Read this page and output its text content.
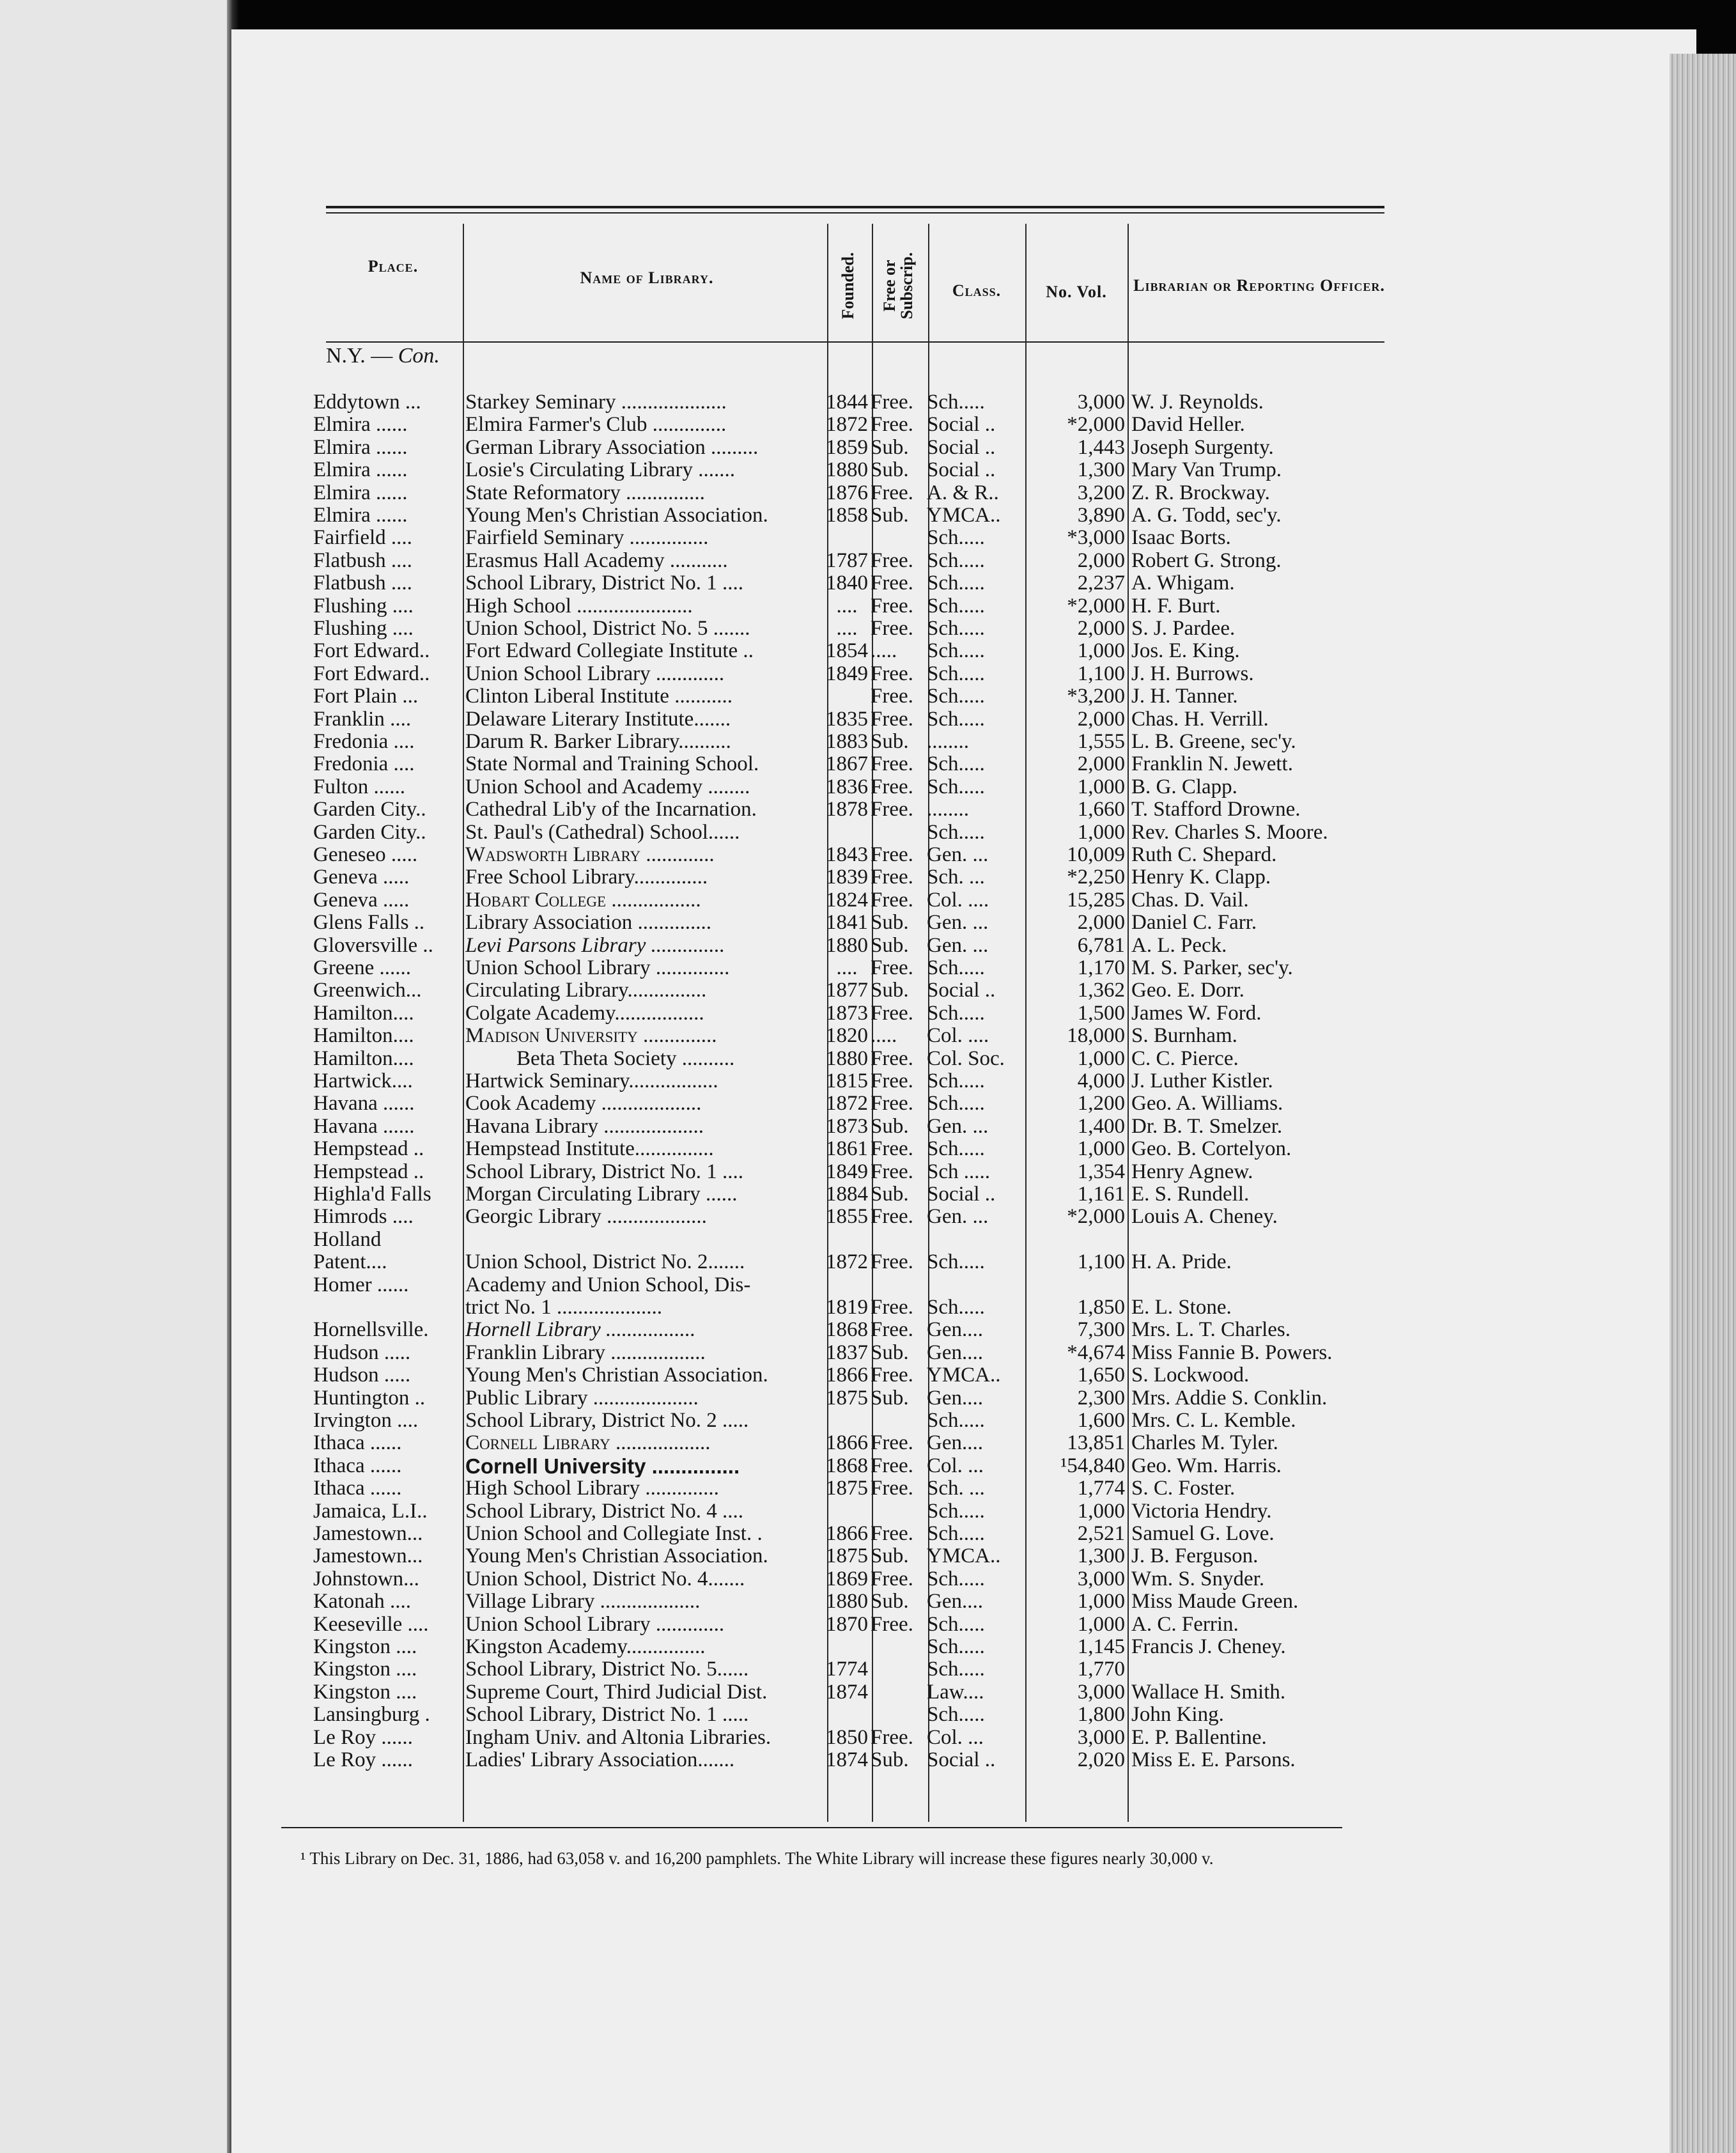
Place.
Name of Library.	Founded. Free or Subscrip.	Class.	No. Vol.	Librarian or Reporting Officer.
N.Y. — Con.
Eddytown ...	Starkey Seminary ....................	1844 Free. Sch.....	3,000 W. J. Reynolds.
Elmira ......	Elmira Farmer's Club ..............	1872 Free. Social ..	*2,000 David Heller.
Elmira ......	German Library Association .........	1859 Sub. Social ..	1,443 Joseph Surgenty.
Elmira ......	Losie's Circulating Library .......	1880 Sub. Social ..	1,300 Mary Van Trump.
Elmira ......	State Reformatory ...............	1876 Free. A. & R..	3,200 Z. R. Brockway.
Elmira ......	Young Men's Christian Association.	1858 Sub. YMCA..	3,890 A. G. Todd, sec'y.
Fairfield ....	Fairfield Seminary ...............	Sch.....	*3,000 Isaac Borts.
Flatbush ....	Erasmus Hall Academy ...........	1787 Free. Sch.....	2,000 Robert G. Strong.
Flatbush ....	School Library, District No. 1 ....	1840 Free. Sch.....	2,237 A. Whigam.
Flushing ....	High School ......................	.... Free. Sch.....	*2,000 H. F. Burt.
Flushing ....	Union School, District No. 5 .......	.... Free. Sch.....	2,000 S. J. Pardee.
Fort Edward..	Fort Edward Collegiate Institute ..	1854 .....	Sch.....	1,000 Jos. E. King.
Fort Edward..	Union School Library .............	1849 Free. Sch.....	1,100 J. H. Burrows.
Fort Plain ...	Clinton Liberal Institute ...........	Free. Sch.....	*3,200 J. H. Tanner.
Franklin ....	Delaware Literary Institute.......	1835 Free. Sch.....	2,000 Chas. H. Verrill.
Fredonia ....	Darum R. Barker Library..........	1883 Sub. ........	1,555 L. B. Greene, sec'y.
Fredonia ....	State Normal and Training School.	1867 Free. Sch.....	2,000 Franklin N. Jewett.
Fulton ......	Union School and Academy ........	1836 Free. Sch.....	1,000 B. G. Clapp.
Garden City..	Cathedral Lib'y of the Incarnation.	1878 Free. ........	1,660 T. Stafford Drowne.
Garden City..	St. Paul's (Cathedral) School......	Sch.....	1,000 Rev. Charles S. Moore.
Geneseo .....	Wadsworth Library .............	1843 Free. Gen. ...	10,009 Ruth C. Shepard.
Geneva .....	Free School Library..............	1839 Free. Sch. ...	*2,250 Henry K. Clapp.
Geneva .....	Hobart College .................	1824 Free. Col. ....	15,285 Chas. D. Vail.
Glens Falls ..	Library Association ..............	1841 Sub. Gen. ...	2,000 Daniel C. Farr.
Gloversville ..	Levi Parsons Library ..............	1880 Sub. Gen. ...	6,781 A. L. Peck.
Greene ......	Union School Library ..............	.... Free. Sch.....	1,170 M. S. Parker, sec'y.
Greenwich...	Circulating Library...............	1877 Sub. Social ..	1,362 Geo. E. Dorr.
Hamilton....	Colgate Academy.................	1873 Free. Sch.....	1,500 James W. Ford.
Hamilton....	Madison University ..............	1820 .....	Col. ....	18,000 S. Burnham.
Hamilton....	Beta Theta Society ..........	1880 Free. Col. Soc.	1,000 C. C. Pierce.
Hartwick....	Hartwick Seminary.................	1815 Free. Sch.....	4,000 J. Luther Kistler.
Havana ......	Cook Academy ...................	1872 Free. Sch.....	1,200 Geo. A. Williams.
Havana ......	Havana Library ...................	1873 Sub. Gen. ...	1,400 Dr. B. T. Smelzer.
Hempstead ..	Hempstead Institute...............	1861 Free. Sch.....	1,000 Geo. B. Cortelyon.
Hempstead ..	School Library, District No. 1 ....	1849 Free. Sch .....	1,354 Henry Agnew.
Highla'd Falls	Morgan Circulating Library ......	1884 Sub. Social ..	1,161 E. S. Rundell.
Himrods ....	Georgic Library ...................	1855 Free. Gen. ...	*2,000 Louis A. Cheney.
Holland
Patent....	Union School, District No. 2.......	1872 Free. Sch.....	1,100 H. A. Pride.
Homer ......	Academy and Union School, Dis-
trict No. 1 ....................	1819 Free. Sch.....	1,850 E. L. Stone.
Hornellsville.	Hornell Library .................	1868 Free. Gen....	7,300 Mrs. L. T. Charles.
Hudson .....	Franklin Library ..................	1837 Sub. Gen....	*4,674 Miss Fannie B. Powers.
Hudson .....	Young Men's Christian Association.	1866 Free. YMCA..	1,650 S. Lockwood.
Huntington ..	Public Library ....................	1875 Sub. Gen....	2,300 Mrs. Addie S. Conklin.
Irvington ....	School Library, District No. 2 .....	Sch.....	1,600 Mrs. C. L. Kemble.
Ithaca ......	Cornell Library ..................	1866 Free. Gen....	13,851 Charles M. Tyler.
Ithaca ......	Cornell University ...............	1868 Free. Col. ...	¹54,840 Geo. Wm. Harris.
Ithaca ......	High School Library ..............	1875 Free. Sch. ...	1,774 S. C. Foster.
Jamaica, L.I..	School Library, District No. 4 ....	Sch.....	1,000 Victoria Hendry.
Jamestown...	Union School and Collegiate Inst. .	1866 Free. Sch.....	2,521 Samuel G. Love.
Jamestown...	Young Men's Christian Association.	1875 Sub. YMCA..	1,300 J. B. Ferguson.
Johnstown...	Union School, District No. 4.......	1869 Free. Sch.....	3,000 Wm. S. Snyder.
Katonah ....	Village Library ...................	1880 Sub. Gen....	1,000 Miss Maude Green.
Keeseville ....	Union School Library .............	1870 Free. Sch.....	1,000 A. C. Ferrin.
Kingston ....	Kingston Academy...............	Sch.....	1,145 Francis J. Cheney.
Kingston ....	School Library, District No. 5......	1774	Sch.....	1,770
Kingston ....	Supreme Court, Third Judicial Dist.	1874	Law....	3,000 Wallace H. Smith.
Lansingburg .	School Library, District No. 1 .....	Sch.....	1,800 John King.
Le Roy ......	Ingham Univ. and Altonia Libraries.	1850 Free. Col. ...	3,000 E. P. Ballentine.
Le Roy ......	Ladies' Library Association.......	1874 Sub. Social ..	2,020 Miss E. E. Parsons.
¹ This Library on Dec. 31, 1886, had 63,058 v. and 16,200 pamphlets. The White Library will increase these figures nearly 30,000 v.
